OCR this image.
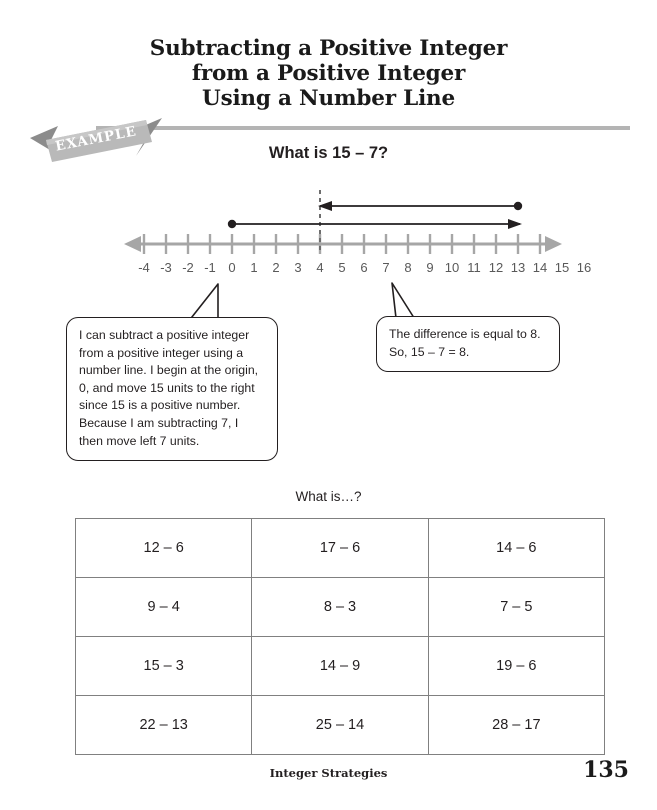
Subtracting a Positive Integer
from a Positive Integer
Using a Number Line
EXAMPLE	What is 15 – 7?
-4 -3 -2 -1 0 1 2 3 4 5 6 7 8 9 10 11 12 13 14 15 16
I can subtract a positive integer from a positive integer using a number line. I begin at the origin, 0, and move 15 units to the right since 15 is a positive number. Because I am subtracting 7, I then move left 7 units.
The difference is equal to 8.
So, 15 – 7 = 8.
What is…?
12 – 6	17 – 6	14 – 6
9 – 4	8 – 3	7 – 5
15 – 3	14 – 9	19 – 6
22 – 13	25 – 14	28 – 17
Integer Strategies	135
